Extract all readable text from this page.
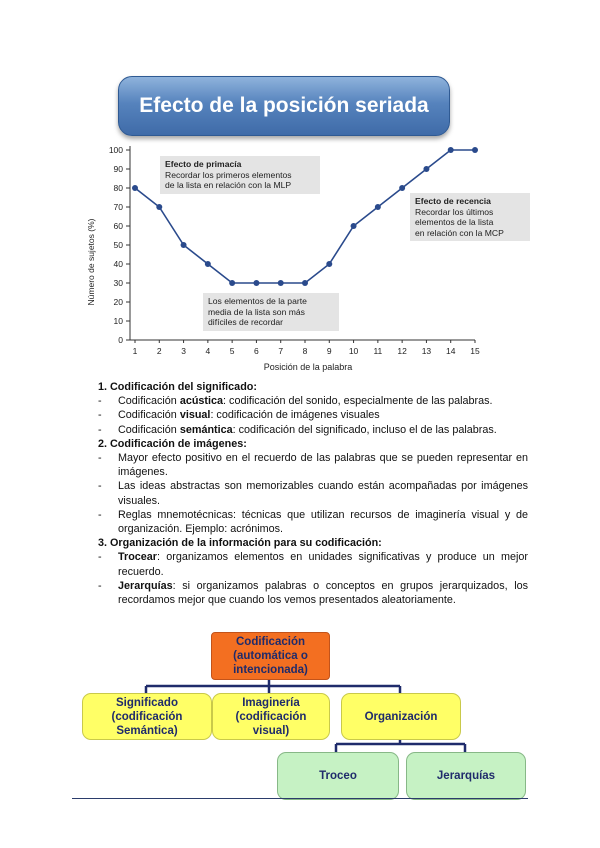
Efecto de la posición seriada
0
10
20
30
40
50
60
70
80
90
100
1 2 3 4 5 6 7 8 9 10 11 12 13 14 15
Número de sujetos (%)
Posición de la palabra
Efecto de primacía
Recordar los primeros elementos
de la lista en relación con la MLP
Efecto de recencia
Recordar los últimos
elementos de la lista
en relación con la MCP
Los elementos de la parte
media de la lista son más
difíciles de recordar
1. Codificación del significado:
- Codificación acústica: codificación del sonido, especialmente de las palabras.
- Codificación visual: codificación de imágenes visuales
- Codificación semántica: codificación del significado, incluso el de las palabras.
2. Codificación de imágenes:
- Mayor efecto positivo en el recuerdo de las palabras que se pueden representar en imágenes.
- Las ideas abstractas son memorizables cuando están acompañadas por imágenes visuales.
- Reglas mnemotécnicas: técnicas que utilizan recursos de imaginería visual y de organización. Ejemplo: acrónimos.
3. Organización de la información para su codificación:
- Trocear: organizamos elementos en unidades significativas y produce un mejor recuerdo.
- Jerarquías: si organizamos palabras o conceptos en grupos jerarquizados, los recordamos mejor que cuando los vemos presentados aleatoriamente.
Codificación
(automática o
intencionada)
Significado
(codificación
Semántica)
Imaginería
(codificación
visual)
Organización
Troceo	Jerarquías
